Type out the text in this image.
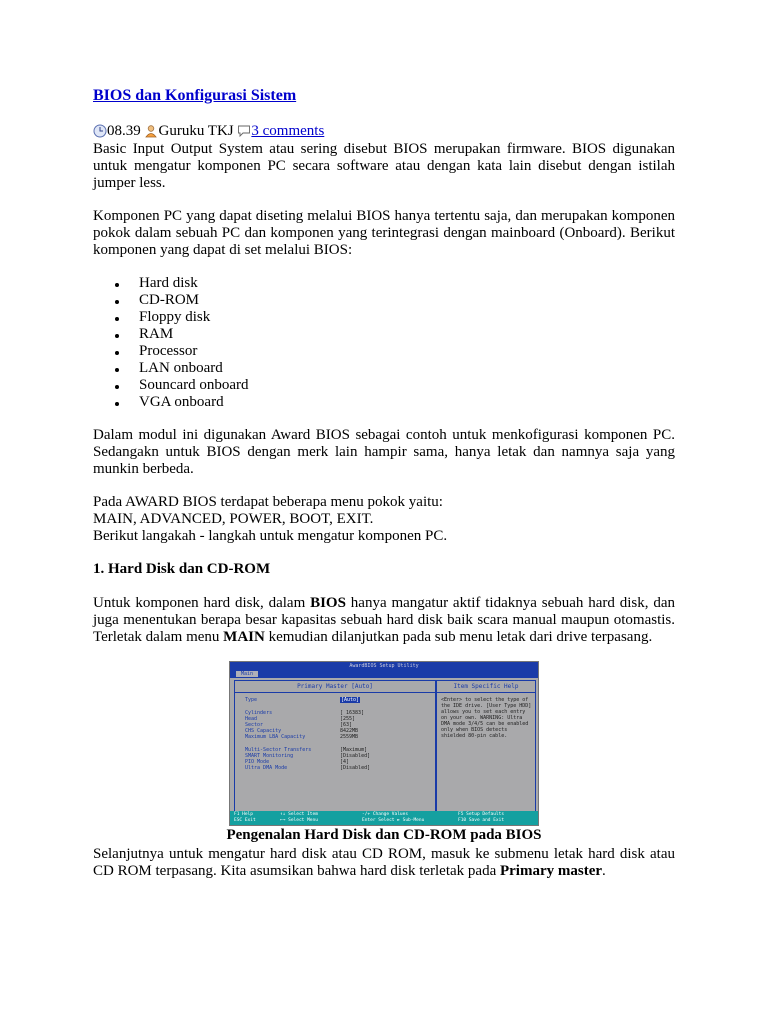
BIOS dan Konfigurasi Sistem
08.39 Guruku TKJ 3 comments

Basic Input Output System atau sering disebut BIOS merupakan firmware. BIOS digunakan untuk mengatur komponen PC secara software atau dengan kata lain disebut dengan istilah jumper less.

Komponen PC yang dapat diseting melalui BIOS hanya tertentu saja, dan merupakan komponen pokok dalam sebuah PC dan komponen yang terintegrasi dengan mainboard (Onboard). Berikut komponen yang dapat di set melalui BIOS:

Hard disk
CD-ROM
Floppy disk
RAM
Processor
LAN onboard
Souncard onboard
VGA onboard

Dalam modul ini digunakan Award BIOS sebagai contoh untuk menkofigurasi komponen PC. Sedangakn untuk BIOS dengan merk lain hampir sama, hanya letak dan namnya saja yang munkin berbeda.

Pada AWARD BIOS terdapat beberapa menu pokok yaitu:
MAIN, ADVANCED, POWER, BOOT, EXIT.
Berikut langakah - langkah untuk mengatur komponen PC.

1. Hard Disk dan CD-ROM

Untuk komponen hard disk, dalam BIOS hanya mangatur aktif tidaknya sebuah hard disk, dan juga menentukan berapa besar kapasitas sebuah hard disk baik scara manual maupun otomastis. Terletak dalam menu MAIN kemudian dilanjutkan pada sub menu letak dari drive terpasang.

Pengenalan Hard Disk dan CD-ROM pada BIOS

Selanjutnya untuk mengatur hard disk atau CD ROM, masuk ke submenu letak hard disk atau CD ROM terpasang. Kita asumsikan bahwa hard disk terletak pada Primary master.

AwardBIOS Setup Utility
Main
Primary Master [Auto]
Type	[Auto]
Cylinders	[ 16383]
Head	[255]
Sector	[63]
CHS Capacity	8422MB
Maximum LBA Capacity	2559MB
Multi-Sector Transfers	[Maximum]
SMART Monitoring	[Disabled]
PIO Mode	[4]
Ultra DMA Mode	[Disabled]
Item Specific Help
<Enter> to select the type of the IDE drive. [User Type HDD] allows you to set each entry on your own. WARNING: Ultra DMA mode 3/4/5 can be enabled only when BIOS detects shielded 80-pin cable.
F1 Help	↑↓ Select Item	-/+ Change Values	F5 Setup Defaults
ESC Exit	←→ Select Menu	Enter Select ► Sub-Menu	F10 Save and Exit
